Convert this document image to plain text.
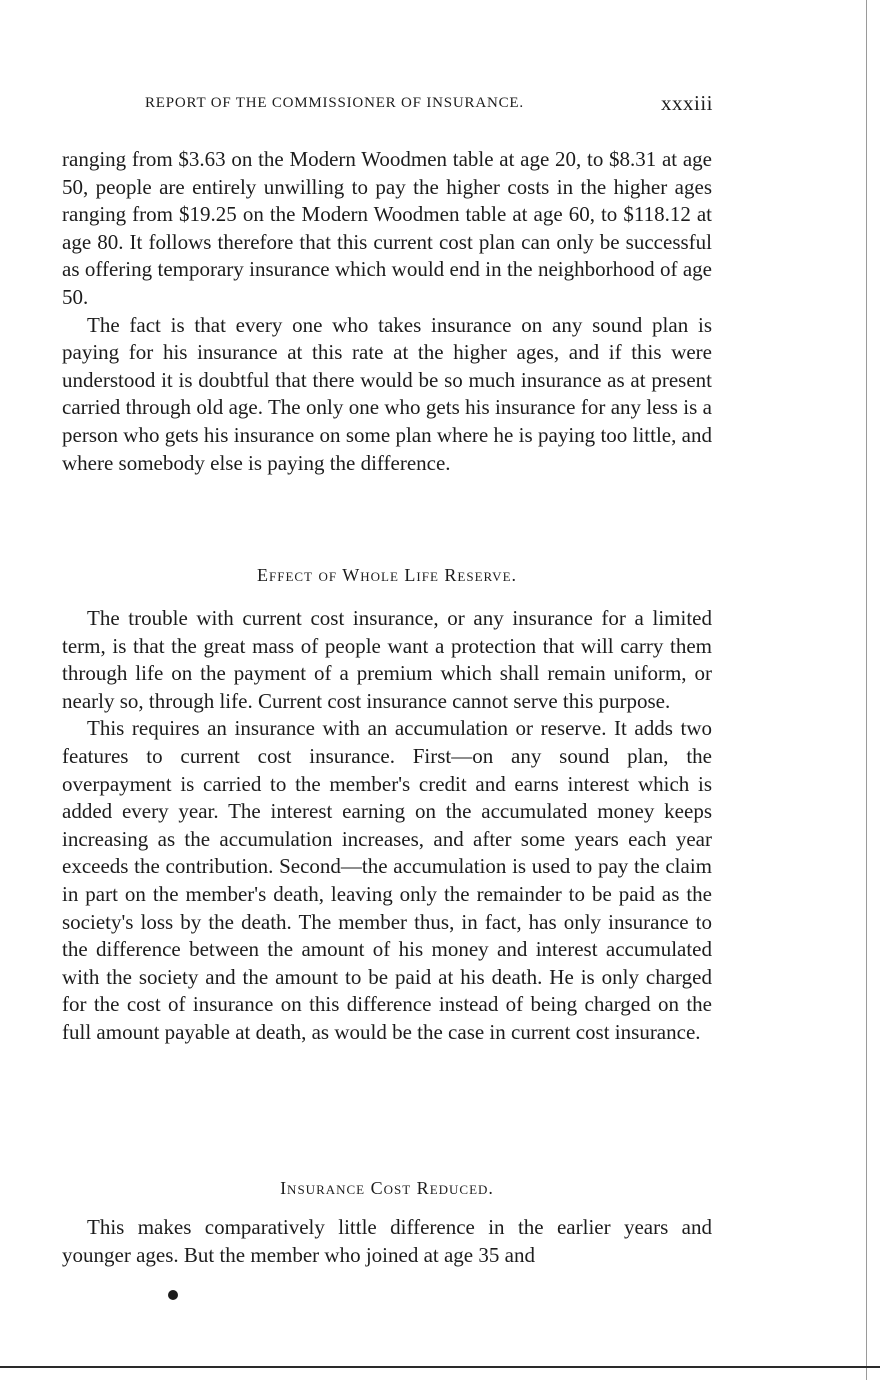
REPORT OF THE COMMISSIONER OF INSURANCE.	xxxiii

ranging from $3.63 on the Modern Woodmen table at age 20, to $8.31 at age 50, people are entirely unwilling to pay the higher costs in the higher ages ranging from $19.25 on the Modern Woodmen table at age 60, to $118.12 at age 80. It follows therefore that this current cost plan can only be successful as offering temporary insurance which would end in the neighborhood of age 50.

The fact is that every one who takes insurance on any sound plan is paying for his insurance at this rate at the higher ages, and if this were understood it is doubtful that there would be so much insurance as at present carried through old age. The only one who gets his insurance for any less is a person who gets his insurance on some plan where he is paying too little, and where somebody else is paying the difference.

Effect of Whole Life Reserve.

The trouble with current cost insurance, or any insurance for a limited term, is that the great mass of people want a protection that will carry them through life on the payment of a premium which shall remain uniform, or nearly so, through life. Current cost insurance cannot serve this purpose.

This requires an insurance with an accumulation or reserve. It adds two features to current cost insurance. First—on any sound plan, the overpayment is carried to the member's credit and earns interest which is added every year. The interest earning on the accumulated money keeps increasing as the accumulation increases, and after some years each year exceeds the contribution. Second—the accumulation is used to pay the claim in part on the member's death, leaving only the remainder to be paid as the society's loss by the death. The member thus, in fact, has only insurance to the difference between the amount of his money and interest accumulated with the society and the amount to be paid at his death. He is only charged for the cost of insurance on this difference instead of being charged on the full amount payable at death, as would be the case in current cost insurance.

Insurance Cost Reduced.

This makes comparatively little difference in the earlier years and younger ages. But the member who joined at age 35 and
